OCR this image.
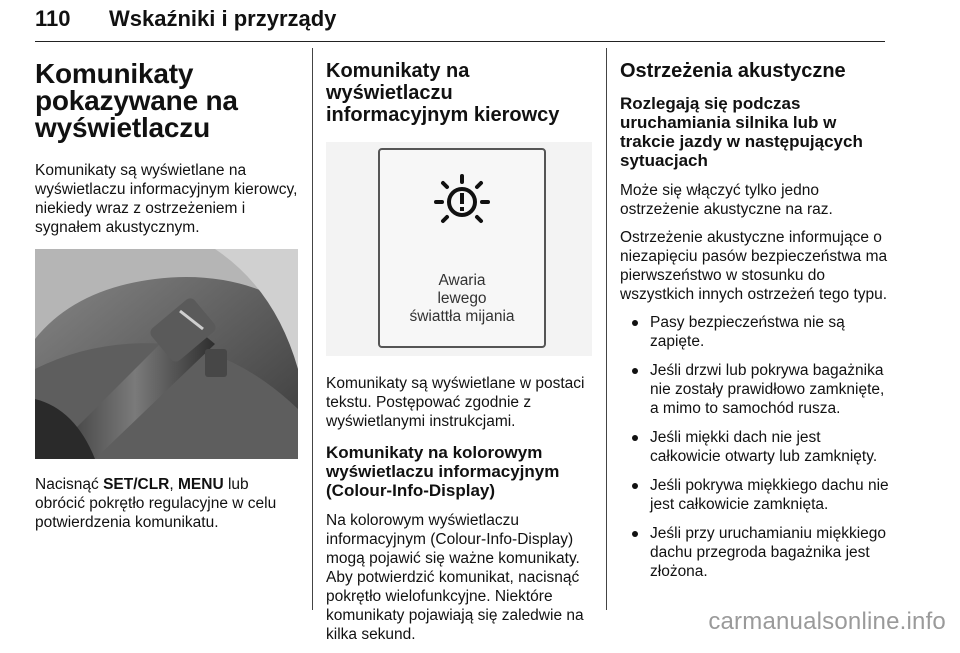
110 Wskaźniki i przyrządy
Komunikaty pokazywane na wyświetlaczu

Komunikaty są wyświetlane na wyświetlaczu informacyjnym kierowcy, niekiedy wraz z ostrzeżeniem i sygnałem akustycznym.

Nacisnąć SET/CLR, MENU lub obrócić pokrętło regulacyjne w celu potwierdzenia komunikatu.

Komunikaty na wyświetlaczu informacyjnym kierowcy
Awaria
lewego
świattła mijania

Komunikaty są wyświetlane w postaci tekstu. Postępować zgodnie z wyświetlanymi instrukcjami.

Komunikaty na kolorowym wyświetlaczu informacyjnym (Colour-Info-Display)

Na kolorowym wyświetlaczu informacyjnym (Colour-Info-Display) mogą pojawić się ważne komunikaty. Aby potwierdzić komunikat, nacisnąć pokrętło wielofunkcyjne. Niektóre komunikaty pojawiają się zaledwie na kilka sekund.

Ostrzeżenia akustyczne
Rozlegają się podczas uruchamiania silnika lub w trakcie jazdy w następujących sytuacjach

Może się włączyć tylko jedno ostrzeżenie akustyczne na raz.

Ostrzeżenie akustyczne informujące o niezapięciu pasów bezpieczeństwa ma pierwszeństwo w stosunku do wszystkich innych ostrzeżeń tego typu.

Pasy bezpieczeństwa nie są zapięte.
Jeśli drzwi lub pokrywa bagażnika nie zostały prawidłowo zamknięte, a mimo to samochód rusza.
Jeśli miękki dach nie jest całkowicie otwarty lub zamknięty.
Jeśli pokrywa miękkiego dachu nie jest całkowicie zamknięta.
Jeśli przy uruchamianiu miękkiego dachu przegroda bagażnika jest złożona.
carmanualsonline.info
